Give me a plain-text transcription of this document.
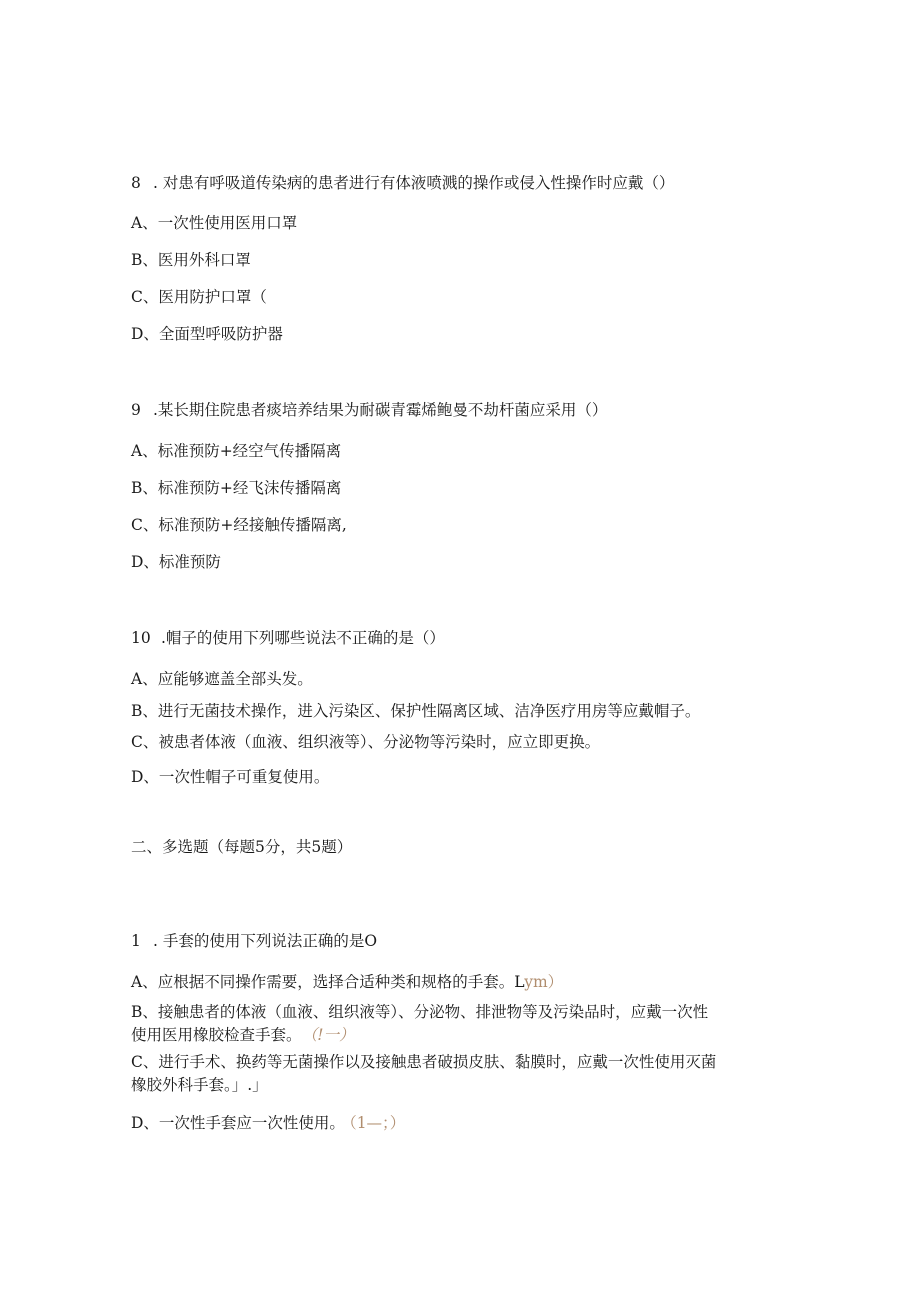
8 . 对患有呼吸道传染病的患者进行有体液喷溅的操作或侵入性操作时应戴（）

A、一次性使用医用口罩

B、医用外科口罩

C、医用防护口罩（

D、全面型呼吸防护器

9 .某长期住院患者痰培养结果为耐碳青霉烯鲍曼不劫杆菌应采用（）

A、标准预防+经空气传播隔离

B、标准预防+经飞沫传播隔离

C、标准预防+经接触传播隔离,

D、标准预防

10 .帽子的使用下列哪些说法不正确的是（）

A、应能够遮盖全部头发。

B、进行无菌技术操作，进入污染区、保护性隔离区域、洁净医疗用房等应戴帽子。

C、被患者体液（血液、组织液等）、分泌物等污染时，应立即更换。

D、一次性帽子可重复使用。

二、多选题（每题5分，共5题）

1 . 手套的使用下列说法正确的是O

A、应根据不同操作需要，选择合适种类和规格的手套。Lym）

B、接触患者的体液（血液、组织液等）、分泌物、排泄物等及污染品时，应戴一次性

使用医用橡胶检查手套。 （!一）

C、进行手术、换药等无菌操作以及接触患者破损皮肤、黏膜时，应戴一次性使用灭菌

橡胶外科手套。」.」

D、一次性手套应一次性使用。 （1—；）
